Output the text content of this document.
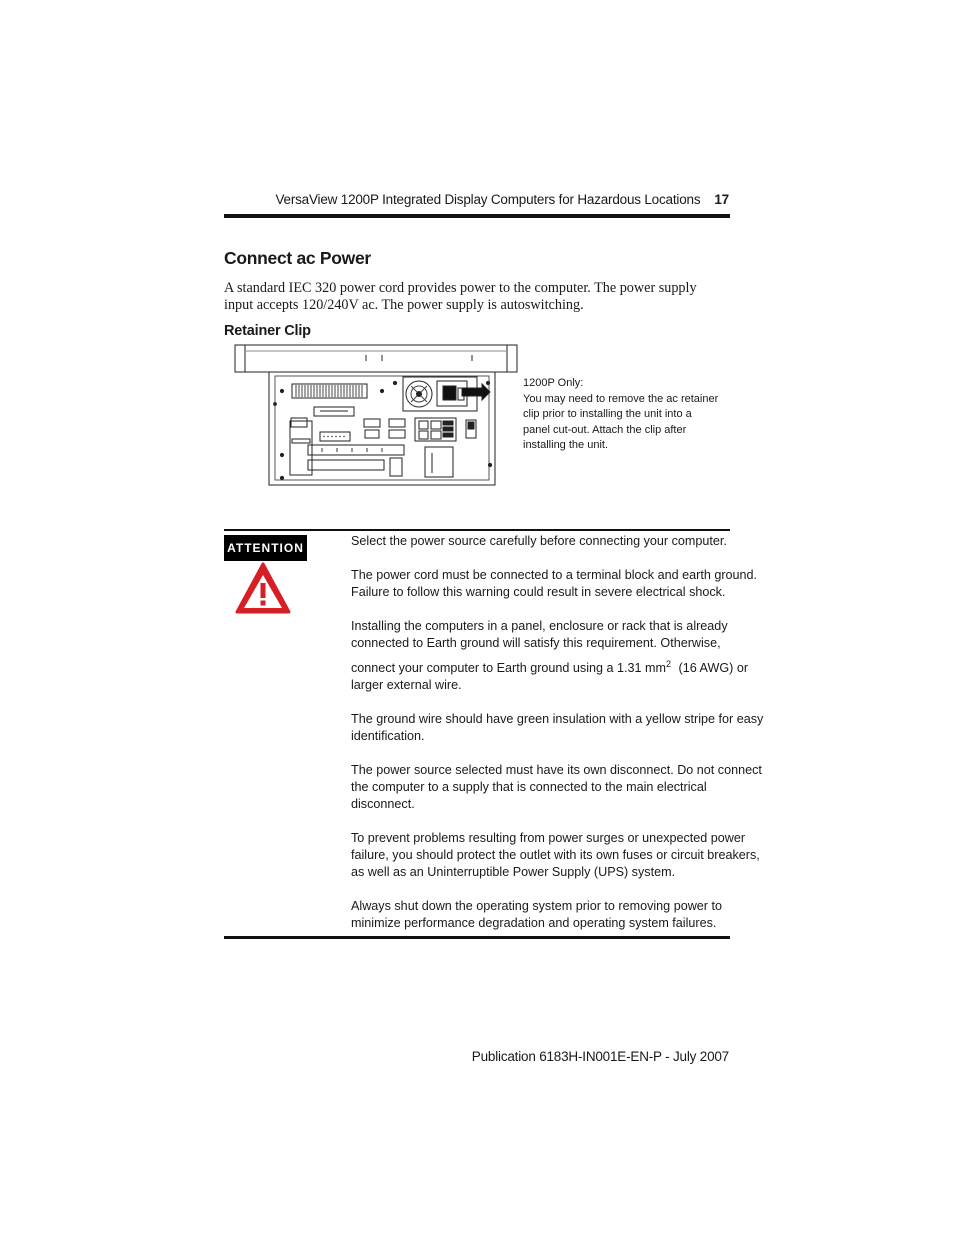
VersaView 1200P Integrated Display Computers for Hazardous Locations 17
Connect ac Power
A standard IEC 320 power cord provides power to the computer. The power supply
input accepts 120/240V ac. The power supply is autoswitching.
Retainer Clip
1200P Only:
You may need to remove the ac retainer
clip prior to installing the unit into a
panel cut-out. Attach the clip after
installing the unit.
ATTENTION	Select the power source carefully before connecting your computer.

The power cord must be connected to a terminal block and earth ground.
Failure to follow this warning could result in severe electrical shock.

Installing the computers in a panel, enclosure or rack that is already
connected to Earth ground will satisfy this requirement. Otherwise,
connect your computer to Earth ground using a 1.31 $mm^2$ (16 AWG) or
larger external wire.

The ground wire should have green insulation with a yellow stripe for easy
identification.

The power source selected must have its own disconnect. Do not connect
the computer to a supply that is connected to the main electrical
disconnect.

To prevent problems resulting from power surges or unexpected power
failure, you should protect the outlet with its own fuses or circuit breakers,
as well as an Uninterruptible Power Supply (UPS) system.

Always shut down the operating system prior to removing power to
minimize performance degradation and operating system failures.

Publication 6183H-IN001E-EN-P - July 2007
